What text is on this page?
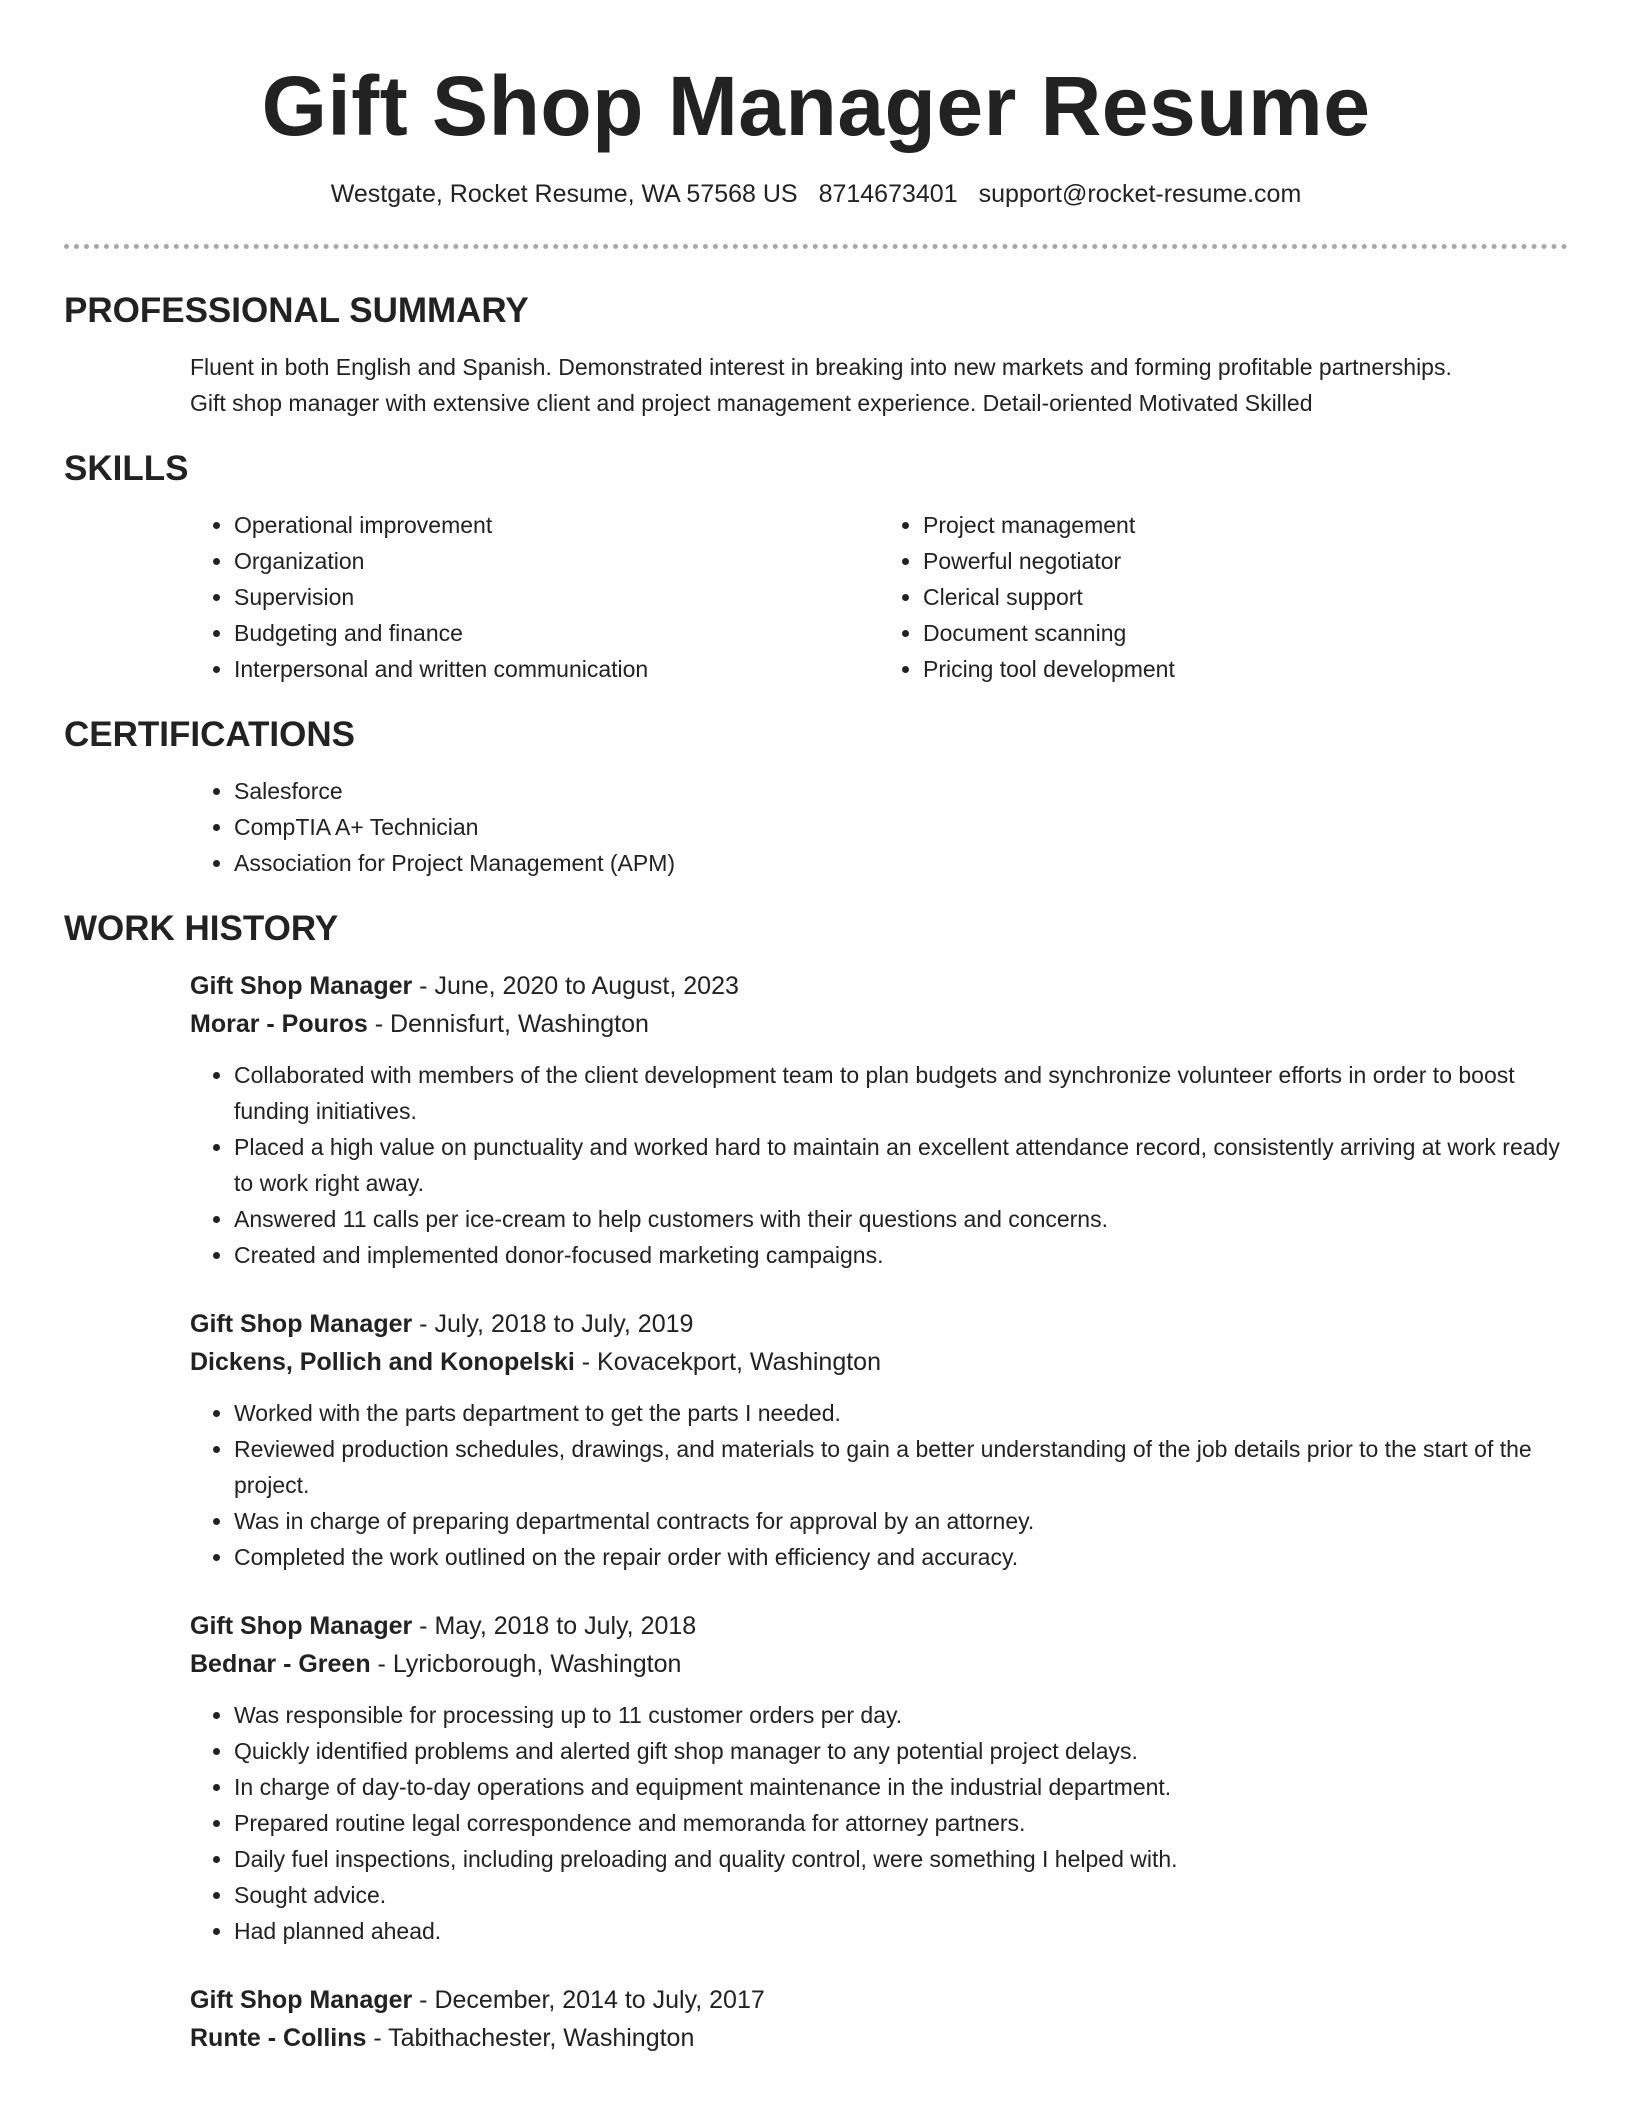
Gift Shop Manager Resume
Westgate, Rocket Resume, WA 57568 US 8714673401 support@rocket-resume.com
PROFESSIONAL SUMMARY
Fluent in both English and Spanish. Demonstrated interest in breaking into new markets and forming profitable partnerships.
Gift shop manager with extensive client and project management experience. Detail-oriented Motivated Skilled
SKILLS
• Operational improvement
• Organization
• Supervision
• Budgeting and finance
• Interpersonal and written communication
• Project management
• Powerful negotiator
• Clerical support
• Document scanning
• Pricing tool development
CERTIFICATIONS
• Salesforce
• CompTIA A+ Technician
• Association for Project Management (APM)
WORK HISTORY
Gift Shop Manager - June, 2020 to August, 2023
Morar - Pouros - Dennisfurt, Washington
• Collaborated with members of the client development team to plan budgets and synchronize volunteer efforts in order to boost funding initiatives.
• Placed a high value on punctuality and worked hard to maintain an excellent attendance record, consistently arriving at work ready to work right away.
• Answered 11 calls per ice-cream to help customers with their questions and concerns.
• Created and implemented donor-focused marketing campaigns.
Gift Shop Manager - July, 2018 to July, 2019
Dickens, Pollich and Konopelski - Kovacekport, Washington
• Worked with the parts department to get the parts I needed.
• Reviewed production schedules, drawings, and materials to gain a better understanding of the job details prior to the start of the project.
• Was in charge of preparing departmental contracts for approval by an attorney.
• Completed the work outlined on the repair order with efficiency and accuracy.
Gift Shop Manager - May, 2018 to July, 2018
Bednar - Green - Lyricborough, Washington
• Was responsible for processing up to 11 customer orders per day.
• Quickly identified problems and alerted gift shop manager to any potential project delays.
• In charge of day-to-day operations and equipment maintenance in the industrial department.
• Prepared routine legal correspondence and memoranda for attorney partners.
• Daily fuel inspections, including preloading and quality control, were something I helped with.
• Sought advice.
• Had planned ahead.
Gift Shop Manager - December, 2014 to July, 2017
Runte - Collins - Tabithachester, Washington
